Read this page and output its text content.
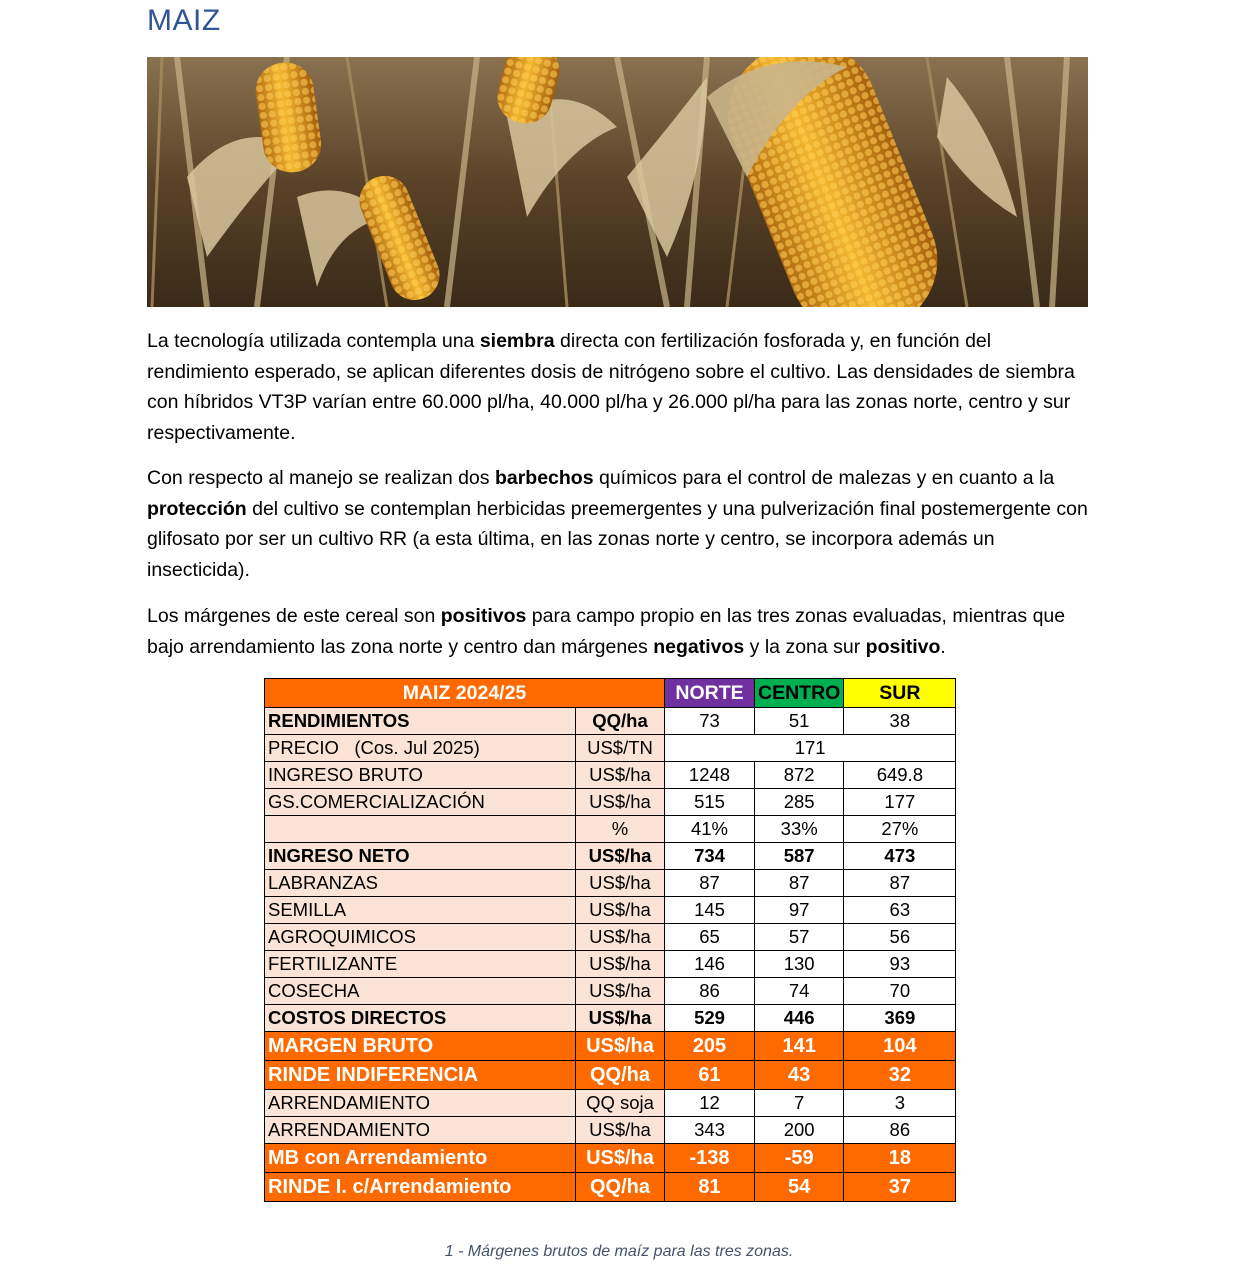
MAIZ

La tecnología utilizada contempla una siembra directa con fertilización fosforada y, en función del rendimiento esperado, se aplican diferentes dosis de nitrógeno sobre el cultivo. Las densidades de siembra con híbridos VT3P varían entre 60.000 pl/ha, 40.000 pl/ha y 26.000 pl/ha para las zonas norte, centro y sur respectivamente.

Con respecto al manejo se realizan dos barbechos químicos para el control de malezas y en cuanto a la protección del cultivo se contemplan herbicidas preemergentes y una pulverización final postemergente con glifosato por ser un cultivo RR (a esta última, en las zonas norte y centro, se incorpora además un insecticida).

Los márgenes de este cereal son positivos para campo propio en las tres zonas evaluadas, mientras que bajo arrendamiento las zona norte y centro dan márgenes negativos y la zona sur positivo.

MAIZ 2024/25		NORTE	CENTRO	SUR
RENDIMIENTOS	QQ/ha	73	51	38
PRECIO   (Cos. Jul 2025)	US$/TN	171		
INGRESO BRUTO	US$/ha	1248	872	649.8
GS.COMERCIALIZACIÓN	US$/ha	515	285	177
	%	41%	33%	27%
INGRESO NETO	US$/ha	734	587	473
LABRANZAS	US$/ha	87	87	87
SEMILLA	US$/ha	145	97	63
AGROQUIMICOS	US$/ha	65	57	56
FERTILIZANTE	US$/ha	146	130	93
COSECHA	US$/ha	86	74	70
COSTOS DIRECTOS	US$/ha	529	446	369
MARGEN BRUTO	US$/ha	205	141	104
RINDE INDIFERENCIA	QQ/ha	61	43	32
ARRENDAMIENTO	QQ soja	12	7	3
ARRENDAMIENTO	US$/ha	343	200	86
MB con Arrendamiento	US$/ha	-138	-59	18
RINDE I. c/Arrendamiento	QQ/ha	81	54	37
1 - Márgenes brutos de maíz para las tres zonas.
